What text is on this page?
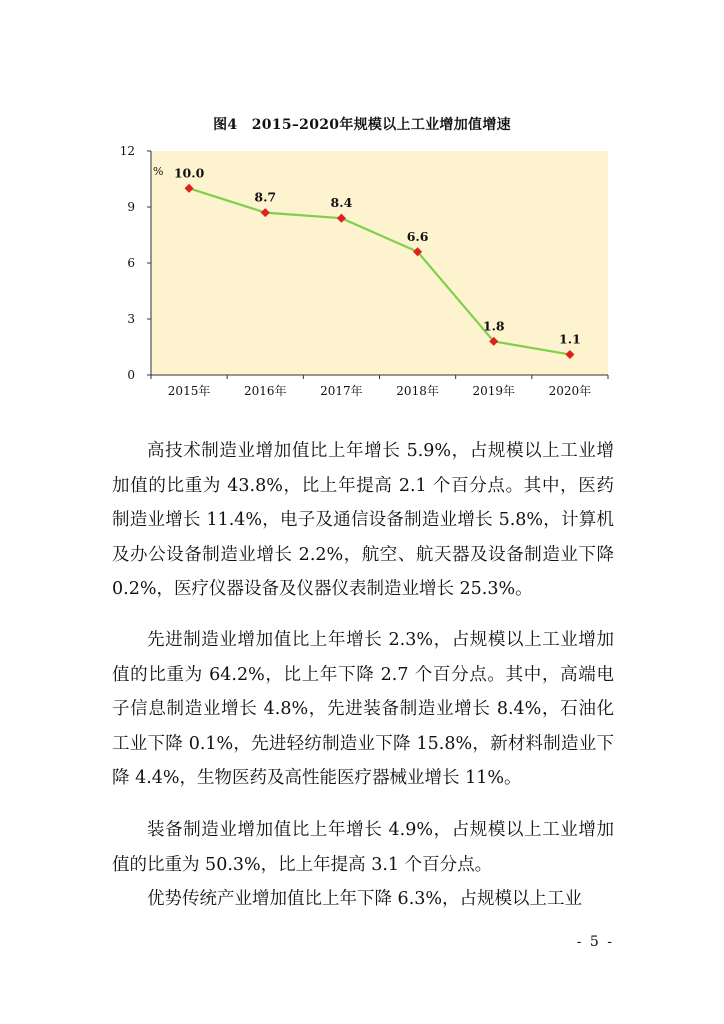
图4　2015–2020年规模以上工业增加值增速
0
3
6
9
12
2015年	2016年	2017年	2018年	2019年	2020年
% 10.0
8.7	8.4
6.6
1.8
1.1

高技术制造业增加值比上年增长 5.9%，占规模以上工业增加值的比重为 43.8%，比上年提高 2.1 个百分点。其中，医药制造业增长 11.4%，电子及通信设备制造业增长 5.8%，计算机及办公设备制造业增长 2.2%，航空、航天器及设备制造业下降 0.2%，医疗仪器设备及仪器仪表制造业增长 25.3%。

先进制造业增加值比上年增长 2.3%，占规模以上工业增加值的比重为 64.2%，比上年下降 2.7 个百分点。其中，高端电子信息制造业增长 4.8%，先进装备制造业增长 8.4%，石油化工业下降 0.1%，先进轻纺制造业下降 15.8%，新材料制造业下降 4.4%，生物医药及高性能医疗器械业增长 11%。

装备制造业增加值比上年增长 4.9%，占规模以上工业增加值的比重为 50.3%，比上年提高 3.1 个百分点。

优势传统产业增加值比上年下降 6.3%，占规模以上工业

- 5 -
